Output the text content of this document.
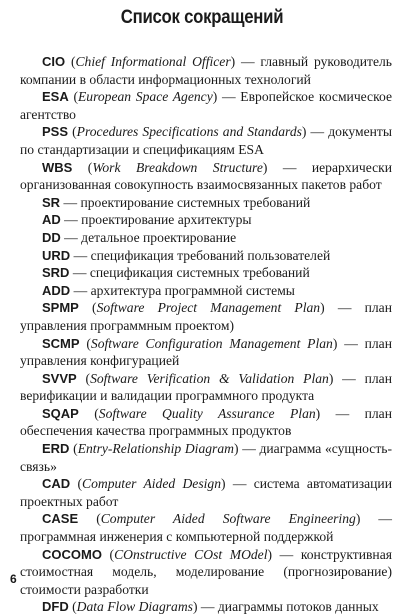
Список сокращений

CIO (Chief Informational Officer) — главный руководитель компании в области информационных технологий

ESA (European Space Agency) — Европейское космическое агентство

PSS (Procedures Specifications and Standards) — документы по стандартизации и спецификациям ESA

WBS (Work Breakdown Structure) — иерархически организованная совокупность взаимосвязанных пакетов работ

SR — проектирование системных требований

AD — проектирование архитектуры

DD — детальное проектирование

URD — спецификация требований пользователей

SRD — спецификация системных требований

ADD — архитектура программной системы

SPMP (Software Project Management Plan) — план управления программным проектом)

SCMP (Software Configuration Management Plan) — план управления конфигурацией

SVVP (Software Verification & Validation Plan) — план верификации и валидации программного продукта

SQAP (Software Quality Assurance Plan) — план обеспечения качества программных продуктов

ERD (Entry-Relationship Diagram) — диаграмма «сущность-связь»

CAD (Computer Aided Design) — система автоматизации проектных работ

CASE (Computer Aided Software Engineering) — программная инженерия с компьютерной поддержкой

COCOMO (COnstructive COst MOdel) — конструктивная стоимостная модель, моделирование (прогнозирование) стоимости разработки

DFD (Data Flow Diagrams) — диаграммы потоков данных

6
